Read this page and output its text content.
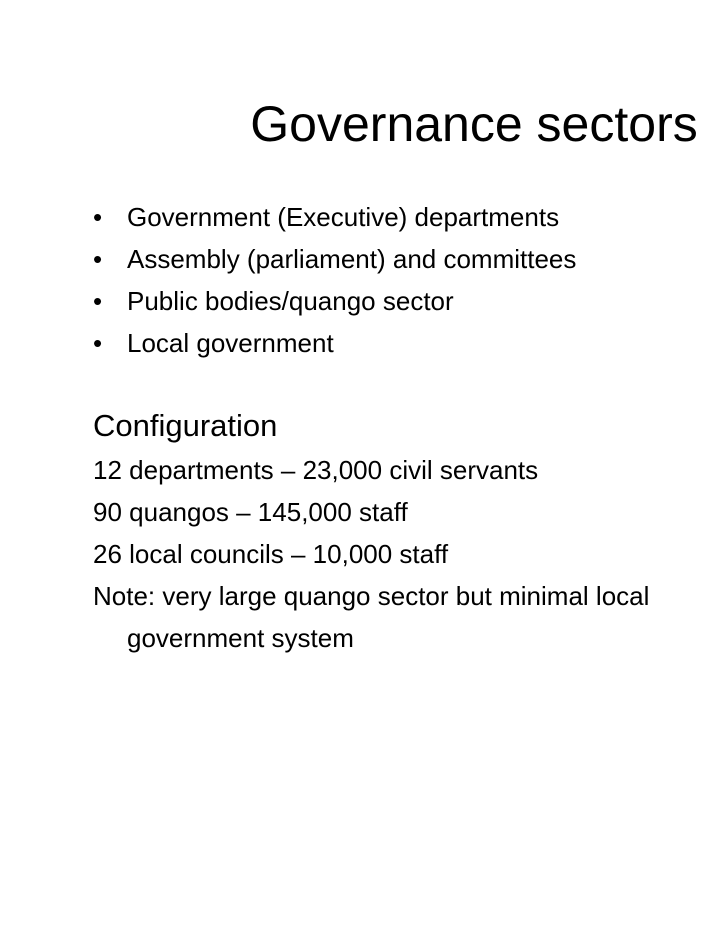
Governance sectors
• Government (Executive) departments
• Assembly (parliament) and committees
• Public bodies/quango sector
• Local government
Configuration
12 departments – 23,000 civil servants
90 quangos – 145,000 staff
26 local councils – 10,000 staff
Note: very large quango sector but minimal local
government system
